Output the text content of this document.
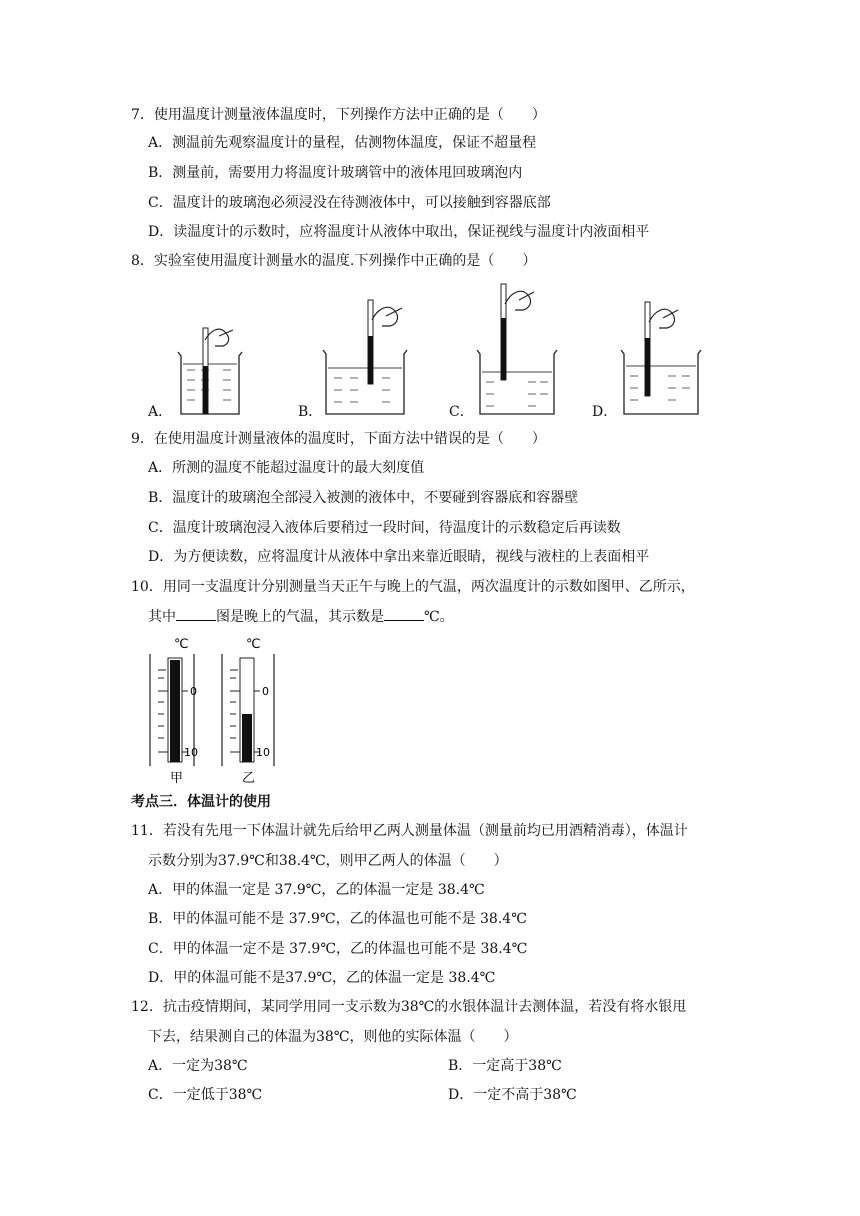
7．使用温度计测量液体温度时，下列操作方法中正确的是（　　）
A．测温前先观察温度计的量程，估测物体温度，保证不超量程
B．测量前，需要用力将温度计玻璃管中的液体甩回玻璃泡内
C．温度计的玻璃泡必须浸没在待测液体中，可以接触到容器底部
D．读温度计的示数时，应将温度计从液体中取出，保证视线与温度计内液面相平
8．实验室使用温度计测量水的温度.下列操作中正确的是（　　）
A．	B．	C．	D．
9．在使用温度计测量液体的温度时，下面方法中错误的是（　　）
A．所测的温度不能超过温度计的最大刻度值
B．温度计的玻璃泡全部浸入被测的液体中，不要碰到容器底和容器壁
C．温度计玻璃泡浸入液体后要稍过一段时间，待温度计的示数稳定后再读数
D．为方便读数，应将温度计从液体中拿出来靠近眼睛，视线与液柱的上表面相平
10．用同一支温度计分别测量当天正午与晚上的气温，两次温度计的示数如图甲、乙所示，
其中	图是晚上的气温，其示数是	℃。
℃
0
10
甲
℃
0
10
乙
考点三．体温计的使用
11．若没有先甩一下体温计就先后给甲乙两人测量体温（测量前均已用酒精消毒），体温计
示数分别为37.9℃和38.4℃，则甲乙两人的体温（　　）
A．甲的体温一定是 37.9℃，乙的体温一定是 38.4℃
B．甲的体温可能不是 37.9℃，乙的体温也可能不是 38.4℃
C．甲的体温一定不是 37.9℃，乙的体温也可能不是 38.4℃
D．甲的体温可能不是37.9℃，乙的体温一定是 38.4℃
12．抗击疫情期间，某同学用同一支示数为38℃的水银体温计去测体温，若没有将水银甩
下去，结果测自己的体温为38℃，则他的实际体温（　　）
A．一定为38℃	B．一定高于38℃
C．一定低于38℃	D．一定不高于38℃
